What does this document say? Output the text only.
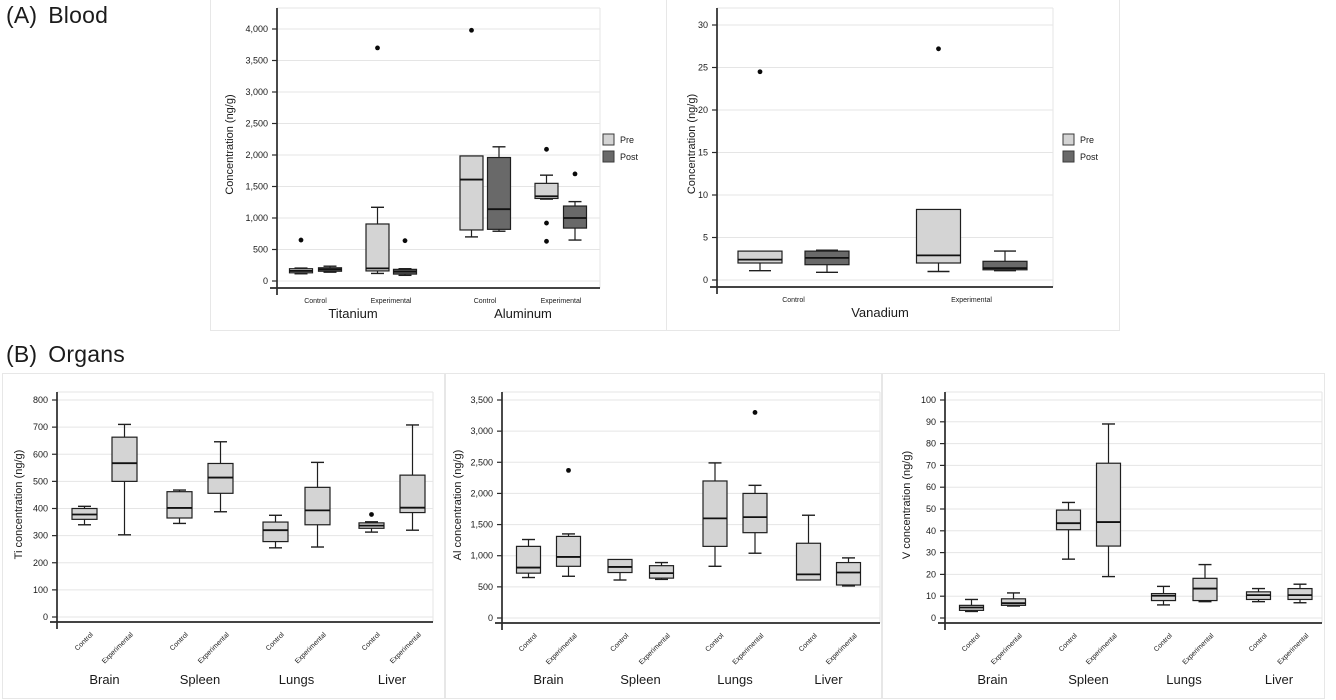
(A) Blood
(B) Organs
0
500
1,000
1,500
2,000
2,500
3,000
3,500
4,000
Control	Experimental	Control	Experimental
Titanium	Aluminum
Concentration (ng/g)	Pre
Post
0
5
10
15
20
25
30
Control	Experimental
Vanadium
Concentration (ng/g)	Pre
Post
0
100
200
300
400
500
600
700
800
Control Experimental	Control Experimental	Control Experimental	Control Experimental
Brain	Spleen	Lungs	Liver
Ti concentration (ng/g)
0
500
1,000
1,500
2,000
2,500
3,000
3,500
Control Experimental	Control Experimental	Control Experimental	Control Experimental
Brain	Spleen	Lungs	Liver
Al concentration (ng/g)
0
10
20
30
40
50
60
70
80
90
100
Control Experimental	Control Experimental	Control Experimental	Control Experimental
Brain	Spleen	Lungs	Liver
V concentration (ng/g)
